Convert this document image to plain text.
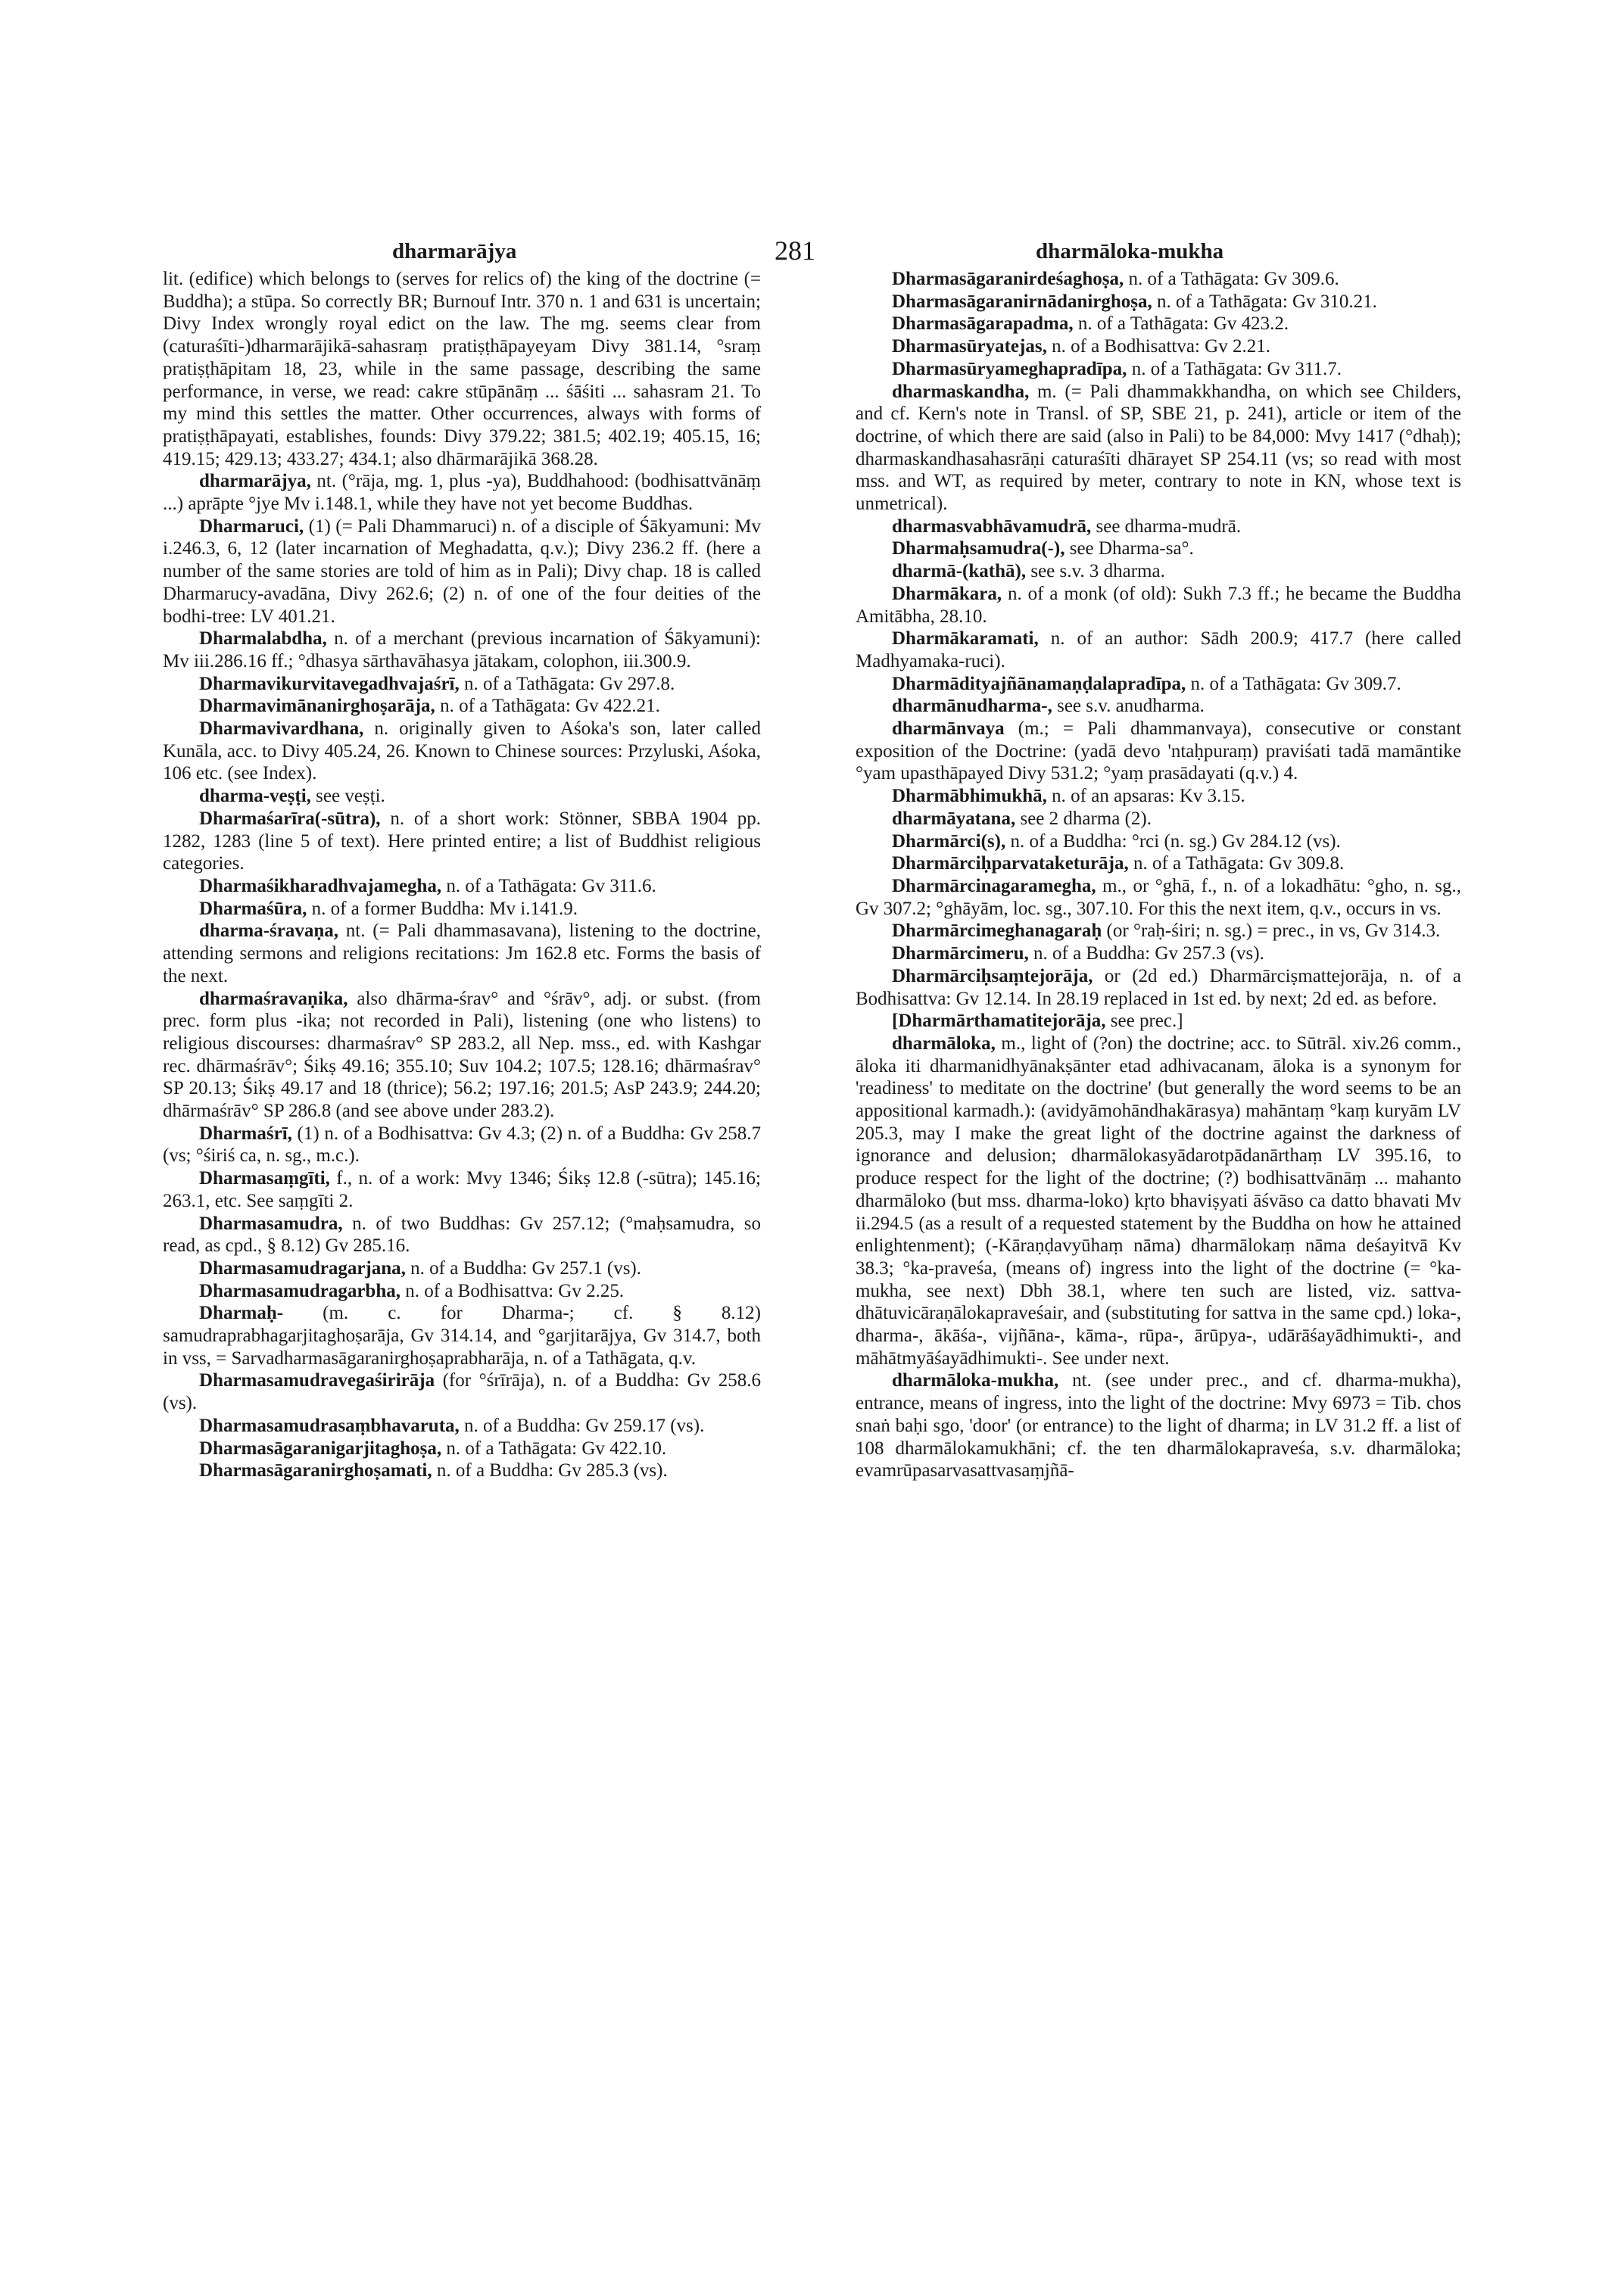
dharmarājya	281	dharmāloka-mukha

lit. (edifice) which belongs to (serves for relics of) the king of the doctrine (= Buddha); a stūpa. So correctly BR; Burnouf Intr. 370 n. 1 and 631 is uncertain; Divy Index wrongly royal edict on the law. The mg. seems clear from (caturaśīti-)dharmarājikā-sahasraṃ pratiṣṭhāpayeyam Divy 381.14, °sraṃ pratiṣṭhāpitam 18, 23, while in the same passage, describing the same performance, in verse, we read: cakre stūpānāṃ ... śāśiti ... sahasram 21. To my mind this settles the matter. Other occurrences, always with forms of pratiṣṭhāpayati, establishes, founds: Divy 379.22; 381.5; 402.19; 405.15, 16; 419.15; 429.13; 433.27; 434.1; also dhārmarājikā 368.28.

dharmarājya, nt. (°rāja, mg. 1, plus -ya), Buddhahood: (bodhisattvānāṃ ...) aprāpte °jye Mv i.148.1, while they have not yet become Buddhas.

Dharmaruci, (1) (= Pali Dhammaruci) n. of a disciple of Śākyamuni: Mv i.246.3, 6, 12 (later incarnation of Meghadatta, q.v.); Divy 236.2 ff. (here a number of the same stories are told of him as in Pali); Divy chap. 18 is called Dharmarucy-avadāna, Divy 262.6; (2) n. of one of the four deities of the bodhi-tree: LV 401.21.

Dharmalabdha, n. of a merchant (previous incarnation of Śākyamuni): Mv iii.286.16 ff.; °dhasya sārthavāhasya jātakam, colophon, iii.300.9.

Dharmavikurvitavegadhvajaśrī, n. of a Tathāgata: Gv 297.8.

Dharmavimānanirghoṣarāja, n. of a Tathāgata: Gv 422.21.

Dharmavivardhana, n. originally given to Aśoka's son, later called Kunāla, acc. to Divy 405.24, 26. Known to Chinese sources: Przyluski, Aśoka, 106 etc. (see Index).

dharma-veṣṭi, see veṣṭi.

Dharmaśarīra(-sūtra), n. of a short work: Stönner, SBBA 1904 pp. 1282, 1283 (line 5 of text). Here printed entire; a list of Buddhist religious categories.

Dharmaśikharadhvajamegha, n. of a Tathāgata: Gv 311.6.

Dharmaśūra, n. of a former Buddha: Mv i.141.9.

dharma-śravaṇa, nt. (= Pali dhammasavana), listening to the doctrine, attending sermons and religions recitations: Jm 162.8 etc. Forms the basis of the next.

dharmaśravaṇika, also dhārma-śrav° and °śrāv°, adj. or subst. (from prec. form plus -ika; not recorded in Pali), listening (one who listens) to religious discourses: dharmaśrav° SP 283.2, all Nep. mss., ed. with Kashgar rec. dhārmaśrāv°; Śikṣ 49.16; 355.10; Suv 104.2; 107.5; 128.16; dhārmaśrav° SP 20.13; Śikṣ 49.17 and 18 (thrice); 56.2; 197.16; 201.5; AsP 243.9; 244.20; dhārmaśrāv° SP 286.8 (and see above under 283.2).

Dharmaśrī, (1) n. of a Bodhisattva: Gv 4.3; (2) n. of a Buddha: Gv 258.7 (vs; °śiriś ca, n. sg., m.c.).

Dharmasaṃgīti, f., n. of a work: Mvy 1346; Śikṣ 12.8 (-sūtra); 145.16; 263.1, etc. See saṃgīti 2.

Dharmasamudra, n. of two Buddhas: Gv 257.12; (°maḥsamudra, so read, as cpd., § 8.12) Gv 285.16.

Dharmasamudragarjana, n. of a Buddha: Gv 257.1 (vs).

Dharmasamudragarbha, n. of a Bodhisattva: Gv 2.25.

Dharmaḥ- (m. c. for Dharma-; cf. § 8.12) samudraprabhagarjitaghoṣarāja, Gv 314.14, and °garjitarājya, Gv 314.7, both in vss, = Sarvadharmasāgaranirghoṣaprabharāja, n. of a Tathāgata, q.v.

Dharmasamudravegaśirirāja (for °śrīrāja), n. of a Buddha: Gv 258.6 (vs).

Dharmasamudrasaṃbhavaruta, n. of a Buddha: Gv 259.17 (vs).

Dharmasāgaranigarjitaghoṣa, n. of a Tathāgata: Gv 422.10.

Dharmasāgaranirghoṣamati, n. of a Buddha: Gv 285.3 (vs).

Dharmasāgaranirdeśaghoṣa, n. of a Tathāgata: Gv 309.6.

Dharmasāgaranirnādanirghoṣa, n. of a Tathāgata: Gv 310.21.

Dharmasāgarapadma, n. of a Tathāgata: Gv 423.2.

Dharmasūryatejas, n. of a Bodhisattva: Gv 2.21.

Dharmasūryameghapradīpa, n. of a Tathāgata: Gv 311.7.

dharmaskandha, m. (= Pali dhammakkhandha, on which see Childers, and cf. Kern's note in Transl. of SP, SBE 21, p. 241), article or item of the doctrine, of which there are said (also in Pali) to be 84,000: Mvy 1417 (°dhaḥ); dharmaskandhasahasrāṇi caturaśīti dhārayet SP 254.11 (vs; so read with most mss. and WT, as required by meter, contrary to note in KN, whose text is unmetrical).

dharmasvabhāvamudrā, see dharma-mudrā.

Dharmaḥsamudra(-), see Dharma-sa°.

dharmā-(kathā), see s.v. 3 dharma.

Dharmākara, n. of a monk (of old): Sukh 7.3 ff.; he became the Buddha Amitābha, 28.10.

Dharmākaramati, n. of an author: Sādh 200.9; 417.7 (here called Madhyamaka-ruci).

Dharmādityajñānamaṇḍalapradīpa, n. of a Tathāgata: Gv 309.7.

dharmānudharma-, see s.v. anudharma.

dharmānvaya (m.; = Pali dhammanvaya), consecutive or constant exposition of the Doctrine: (yadā devo 'ntaḥpuraṃ) praviśati tadā mamāntike °yam upasthāpayed Divy 531.2; °yaṃ prasādayati (q.v.) 4.

Dharmābhimukhā, n. of an apsaras: Kv 3.15.

dharmāyatana, see 2 dharma (2).

Dharmārci(s), n. of a Buddha: °rci (n. sg.) Gv 284.12 (vs).

Dharmārciḥparvataketurāja, n. of a Tathāgata: Gv 309.8.

Dharmārcinagaramegha, m., or °ghā, f., n. of a lokadhātu: °gho, n. sg., Gv 307.2; °ghāyām, loc. sg., 307.10. For this the next item, q.v., occurs in vs.

Dharmārcimeghanagaraḥ (or °raḥ-śiri; n. sg.) = prec., in vs, Gv 314.3.

Dharmārcimeru, n. of a Buddha: Gv 257.3 (vs).

Dharmārciḥsaṃtejorāja, or (2d ed.) Dharmārciṣmattejorāja, n. of a Bodhisattva: Gv 12.14. In 28.19 replaced in 1st ed. by next; 2d ed. as before.

[Dharmārthamatitejorāja, see prec.]

dharmāloka, m., light of (?on) the doctrine; acc. to Sūtrāl. xiv.26 comm., āloka iti dharmanidhyānakṣānter etad adhivacanam, āloka is a synonym for 'readiness' to meditate on the doctrine' (but generally the word seems to be an appositional karmadh.): (avidyāmohāndhakārasya) mahāntaṃ °kaṃ kuryām LV 205.3, may I make the great light of the doctrine against the darkness of ignorance and delusion; dharmālokasyādarotpādanārthaṃ LV 395.16, to produce respect for the light of the doctrine; (?) bodhisattvānāṃ ... mahanto dharmāloko (but mss. dharma-loko) kṛto bhaviṣyati āśvāso ca datto bhavati Mv ii.294.5 (as a result of a requested statement by the Buddha on how he attained enlightenment); (-Kāraṇḍavyūhaṃ nāma) dharmālokaṃ nāma deśayitvā Kv 38.3; °ka-praveśa, (means of) ingress into the light of the doctrine (= °ka-mukha, see next) Dbh 38.1, where ten such are listed, viz. sattva-dhātuvicāraṇālokapraveśair, and (substituting for sattva in the same cpd.) loka-, dharma-, ākāśa-, vijñāna-, kāma-, rūpa-, ārūpya-, udārāśayādhimukti-, and māhātmyāśayādhimukti-. See under next.

dharmāloka-mukha, nt. (see under prec., and cf. dharma-mukha), entrance, means of ingress, into the light of the doctrine: Mvy 6973 = Tib. chos snaṅ baḥi sgo, 'door' (or entrance) to the light of dharma; in LV 31.2 ff. a list of 108 dharmālokamukhāni; cf. the ten dharmālokapraveśa, s.v. dharmāloka; evamrūpasarvasattvasaṃjñā-
